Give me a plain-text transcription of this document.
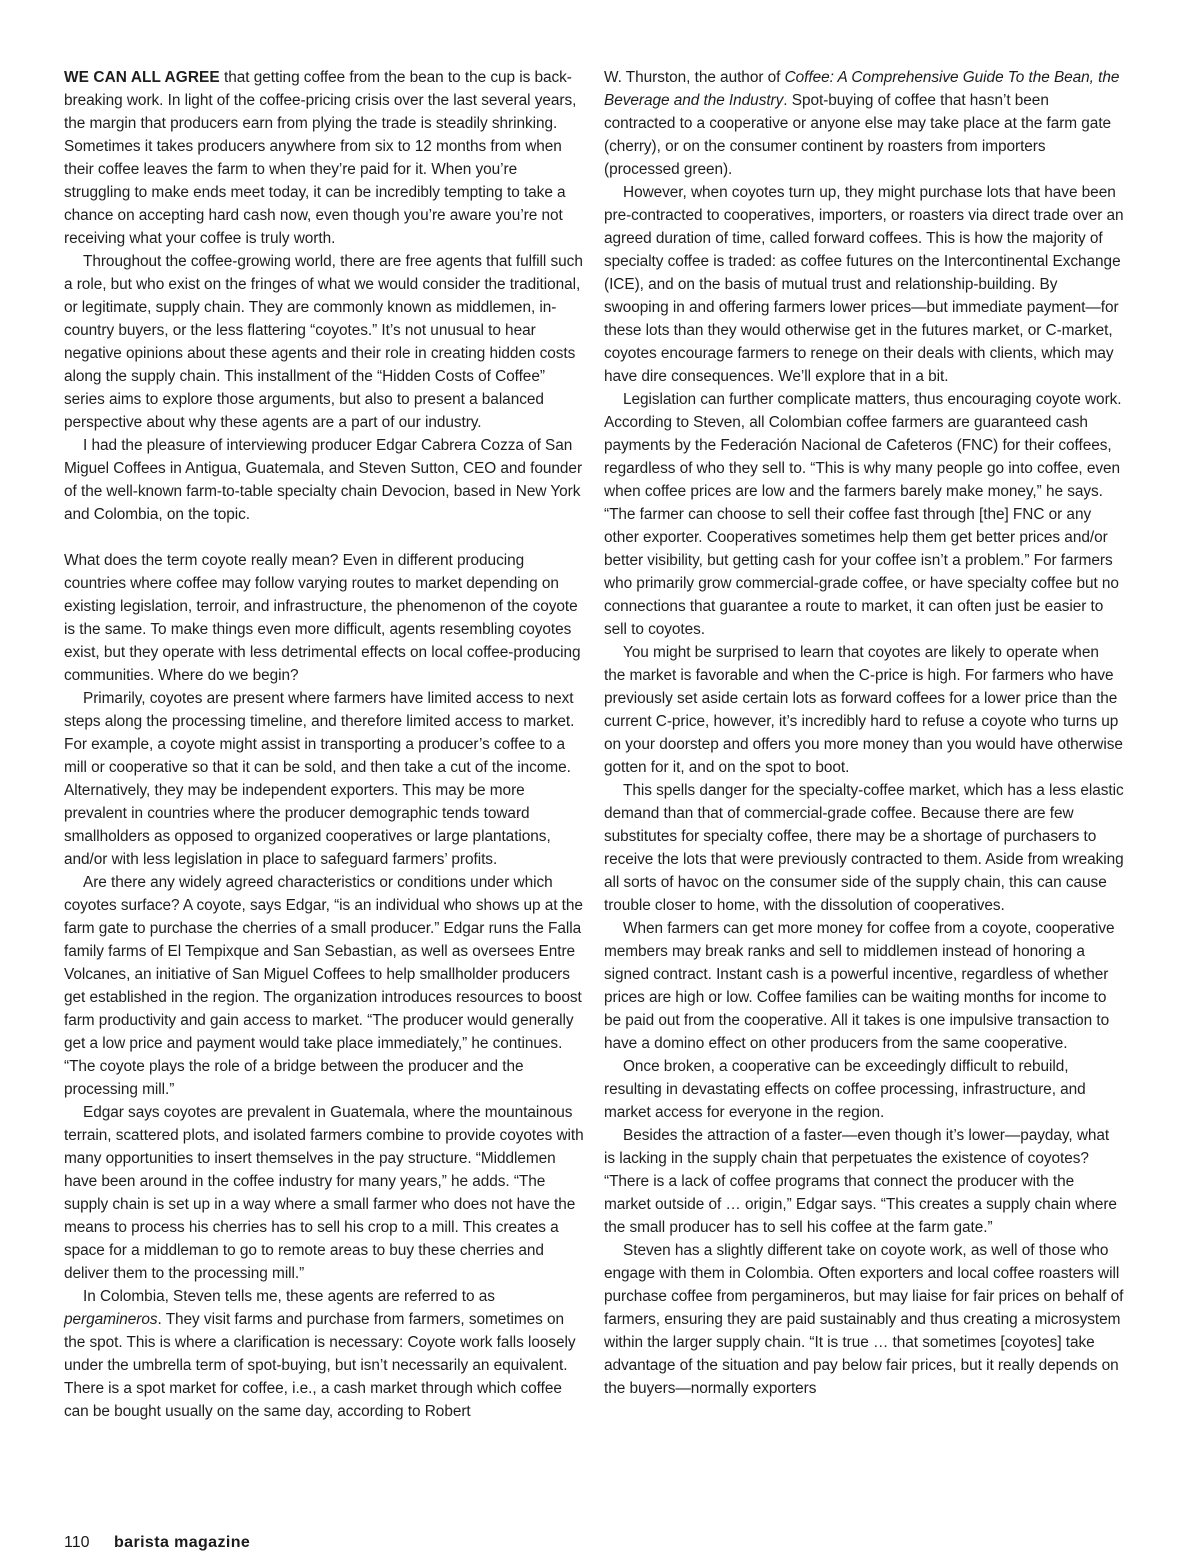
WE CAN ALL AGREE that getting coffee from the bean to the cup is back-breaking work. In light of the coffee-pricing crisis over the last several years, the margin that producers earn from plying the trade is steadily shrinking. Sometimes it takes producers anywhere from six to 12 months from when their coffee leaves the farm to when they’re paid for it. When you’re struggling to make ends meet today, it can be incredibly tempting to take a chance on accepting hard cash now, even though you’re aware you’re not receiving what your coffee is truly worth.

Throughout the coffee-growing world, there are free agents that fulfill such a role, but who exist on the fringes of what we would consider the traditional, or legitimate, supply chain. They are commonly known as middlemen, in-country buyers, or the less flattering “coyotes.” It’s not unusual to hear negative opinions about these agents and their role in creating hidden costs along the supply chain. This installment of the “Hidden Costs of Coffee” series aims to explore those arguments, but also to present a balanced perspective about why these agents are a part of our industry.

I had the pleasure of interviewing producer Edgar Cabrera Cozza of San Miguel Coffees in Antigua, Guatemala, and Steven Sutton, CEO and founder of the well-known farm-to-table specialty chain Devocion, based in New York and Colombia, on the topic.

What does the term coyote really mean? Even in different producing countries where coffee may follow varying routes to market depending on existing legislation, terroir, and infrastructure, the phenomenon of the coyote is the same. To make things even more difficult, agents resembling coyotes exist, but they operate with less detrimental effects on local coffee-producing communities. Where do we begin?

Primarily, coyotes are present where farmers have limited access to next steps along the processing timeline, and therefore limited access to market. For example, a coyote might assist in transporting a producer’s coffee to a mill or cooperative so that it can be sold, and then take a cut of the income. Alternatively, they may be independent exporters. This may be more prevalent in countries where the producer demographic tends toward smallholders as opposed to organized cooperatives or large plantations, and/or with less legislation in place to safeguard farmers’ profits.

Are there any widely agreed characteristics or conditions under which coyotes surface? A coyote, says Edgar, “is an individual who shows up at the farm gate to purchase the cherries of a small producer.” Edgar runs the Falla family farms of El Tempixque and San Sebastian, as well as oversees Entre Volcanes, an initiative of San Miguel Coffees to help smallholder producers get established in the region. The organization introduces resources to boost farm productivity and gain access to market. “The producer would generally get a low price and payment would take place immediately,” he continues. “The coyote plays the role of a bridge between the producer and the processing mill.”

Edgar says coyotes are prevalent in Guatemala, where the mountainous terrain, scattered plots, and isolated farmers combine to provide coyotes with many opportunities to insert themselves in the pay structure. “Middlemen have been around in the coffee industry for many years,” he adds. “The supply chain is set up in a way where a small farmer who does not have the means to process his cherries has to sell his crop to a mill. This creates a space for a middleman to go to remote areas to buy these cherries and deliver them to the processing mill.”

In Colombia, Steven tells me, these agents are referred to as pergamineros. They visit farms and purchase from farmers, sometimes on the spot. This is where a clarification is necessary: Coyote work falls loosely under the umbrella term of spot-buying, but isn’t necessarily an equivalent. There is a spot market for coffee, i.e., a cash market through which coffee can be bought usually on the same day, according to Robert

W. Thurston, the author of Coffee: A Comprehensive Guide To the Bean, the Beverage and the Industry. Spot-buying of coffee that hasn’t been contracted to a cooperative or anyone else may take place at the farm gate (cherry), or on the consumer continent by roasters from importers (processed green).

However, when coyotes turn up, they might purchase lots that have been pre-contracted to cooperatives, importers, or roasters via direct trade over an agreed duration of time, called forward coffees. This is how the majority of specialty coffee is traded: as coffee futures on the Intercontinental Exchange (ICE), and on the basis of mutual trust and relationship-building. By swooping in and offering farmers lower prices—but immediate payment—for these lots than they would otherwise get in the futures market, or C-market, coyotes encourage farmers to renege on their deals with clients, which may have dire consequences. We’ll explore that in a bit.

Legislation can further complicate matters, thus encouraging coyote work. According to Steven, all Colombian coffee farmers are guaranteed cash payments by the Federación Nacional de Cafeteros (FNC) for their coffees, regardless of who they sell to. “This is why many people go into coffee, even when coffee prices are low and the farmers barely make money,” he says. “The farmer can choose to sell their coffee fast through [the] FNC or any other exporter. Cooperatives sometimes help them get better prices and/or better visibility, but getting cash for your coffee isn’t a problem.” For farmers who primarily grow commercial-grade coffee, or have specialty coffee but no connections that guarantee a route to market, it can often just be easier to sell to coyotes.

You might be surprised to learn that coyotes are likely to operate when the market is favorable and when the C-price is high. For farmers who have previously set aside certain lots as forward coffees for a lower price than the current C-price, however, it’s incredibly hard to refuse a coyote who turns up on your doorstep and offers you more money than you would have otherwise gotten for it, and on the spot to boot.

This spells danger for the specialty-coffee market, which has a less elastic demand than that of commercial-grade coffee. Because there are few substitutes for specialty coffee, there may be a shortage of purchasers to receive the lots that were previously contracted to them. Aside from wreaking all sorts of havoc on the consumer side of the supply chain, this can cause trouble closer to home, with the dissolution of cooperatives.

When farmers can get more money for coffee from a coyote, cooperative members may break ranks and sell to middlemen instead of honoring a signed contract. Instant cash is a powerful incentive, regardless of whether prices are high or low. Coffee families can be waiting months for income to be paid out from the cooperative. All it takes is one impulsive transaction to have a domino effect on other producers from the same cooperative.

Once broken, a cooperative can be exceedingly difficult to rebuild, resulting in devastating effects on coffee processing, infrastructure, and market access for everyone in the region.

Besides the attraction of a faster—even though it’s lower—payday, what is lacking in the supply chain that perpetuates the existence of coyotes? “There is a lack of coffee programs that connect the producer with the market outside of … origin,” Edgar says. “This creates a supply chain where the small producer has to sell his coffee at the farm gate.”

Steven has a slightly different take on coyote work, as well of those who engage with them in Colombia. Often exporters and local coffee roasters will purchase coffee from pergamineros, but may liaise for fair prices on behalf of farmers, ensuring they are paid sustainably and thus creating a microsystem within the larger supply chain. “It is true … that sometimes [coyotes] take advantage of the situation and pay below fair prices, but it really depends on the buyers—normally exporters

110 barista magazine
